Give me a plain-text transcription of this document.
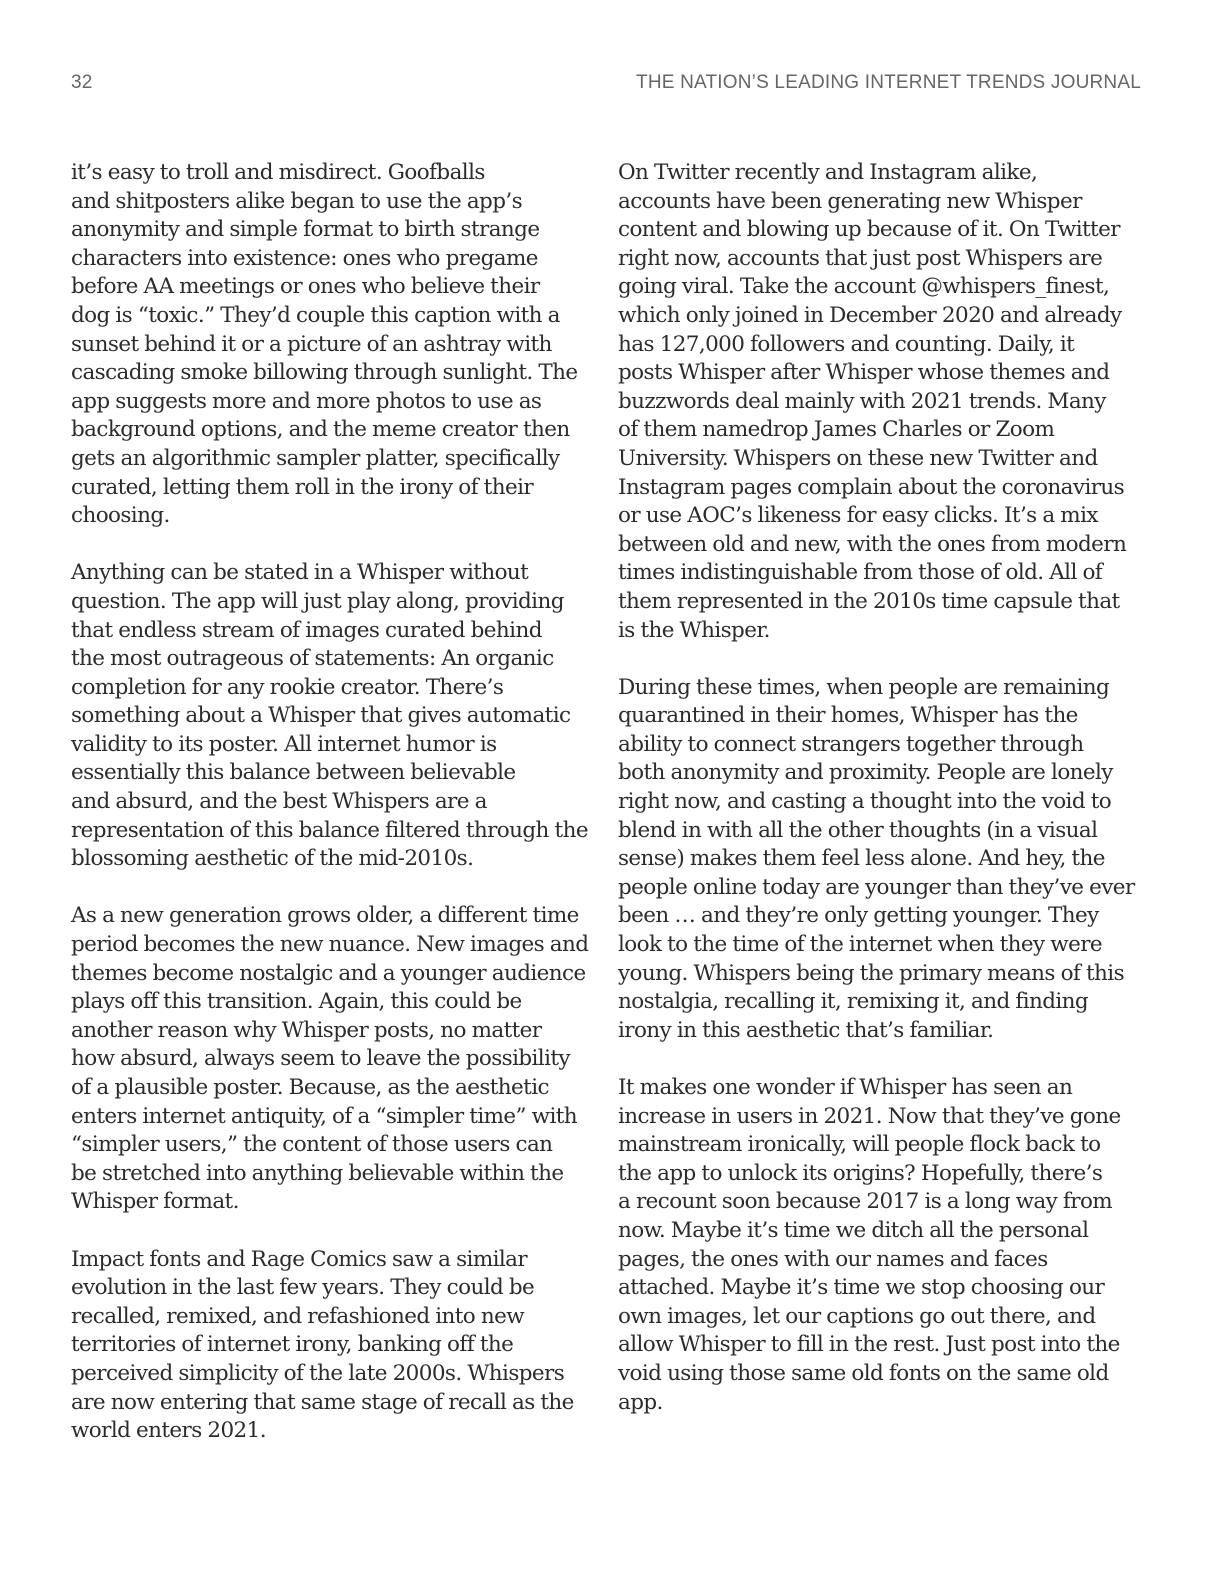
32	THE NATION’S LEADING INTERNET TRENDS JOURNAL

it’s easy to troll and misdirect. Goofballs
and shitposters alike began to use the app’s
anonymity and simple format to birth strange
characters into existence: ones who pregame
before AA meetings or ones who believe their
dog is “toxic.” They’d couple this caption with a
sunset behind it or a picture of an ashtray with
cascading smoke billowing through sunlight. The
app suggests more and more photos to use as
background options, and the meme creator then
gets an algorithmic sampler platter, specifically
curated, letting them roll in the irony of their
choosing.

Anything can be stated in a Whisper without
question. The app will just play along, providing
that endless stream of images curated behind
the most outrageous of statements: An organic
completion for any rookie creator. There’s
something about a Whisper that gives automatic
validity to its poster. All internet humor is
essentially this balance between believable
and absurd, and the best Whispers are a
representation of this balance filtered through the
blossoming aesthetic of the mid-2010s.

As a new generation grows older, a different time
period becomes the new nuance. New images and
themes become nostalgic and a younger audience
plays off this transition. Again, this could be
another reason why Whisper posts, no matter
how absurd, always seem to leave the possibility
of a plausible poster. Because, as the aesthetic
enters internet antiquity, of a “simpler time” with
“simpler users,” the content of those users can
be stretched into anything believable within the
Whisper format.

Impact fonts and Rage Comics saw a similar
evolution in the last few years. They could be
recalled, remixed, and refashioned into new
territories of internet irony, banking off the
perceived simplicity of the late 2000s. Whispers
are now entering that same stage of recall as the
world enters 2021.

On Twitter recently and Instagram alike,
accounts have been generating new Whisper
content and blowing up because of it. On Twitter
right now, accounts that just post Whispers are
going viral. Take the account @whispers_finest,
which only joined in December 2020 and already
has 127,000 followers and counting. Daily, it
posts Whisper after Whisper whose themes and
buzzwords deal mainly with 2021 trends. Many
of them namedrop James Charles or Zoom
University. Whispers on these new Twitter and
Instagram pages complain about the coronavirus
or use AOC’s likeness for easy clicks. It’s a mix
between old and new, with the ones from modern
times indistinguishable from those of old. All of
them represented in the 2010s time capsule that
is the Whisper.

During these times, when people are remaining
quarantined in their homes, Whisper has the
ability to connect strangers together through
both anonymity and proximity. People are lonely
right now, and casting a thought into the void to
blend in with all the other thoughts (in a visual
sense) makes them feel less alone. And hey, the
people online today are younger than they’ve ever
been … and they’re only getting younger. They
look to the time of the internet when they were
young. Whispers being the primary means of this
nostalgia, recalling it, remixing it, and finding
irony in this aesthetic that’s familiar.

It makes one wonder if Whisper has seen an
increase in users in 2021. Now that they’ve gone
mainstream ironically, will people flock back to
the app to unlock its origins? Hopefully, there’s
a recount soon because 2017 is a long way from
now. Maybe it’s time we ditch all the personal
pages, the ones with our names and faces
attached. Maybe it’s time we stop choosing our
own images, let our captions go out there, and
allow Whisper to fill in the rest. Just post into the
void using those same old fonts on the same old
app.
